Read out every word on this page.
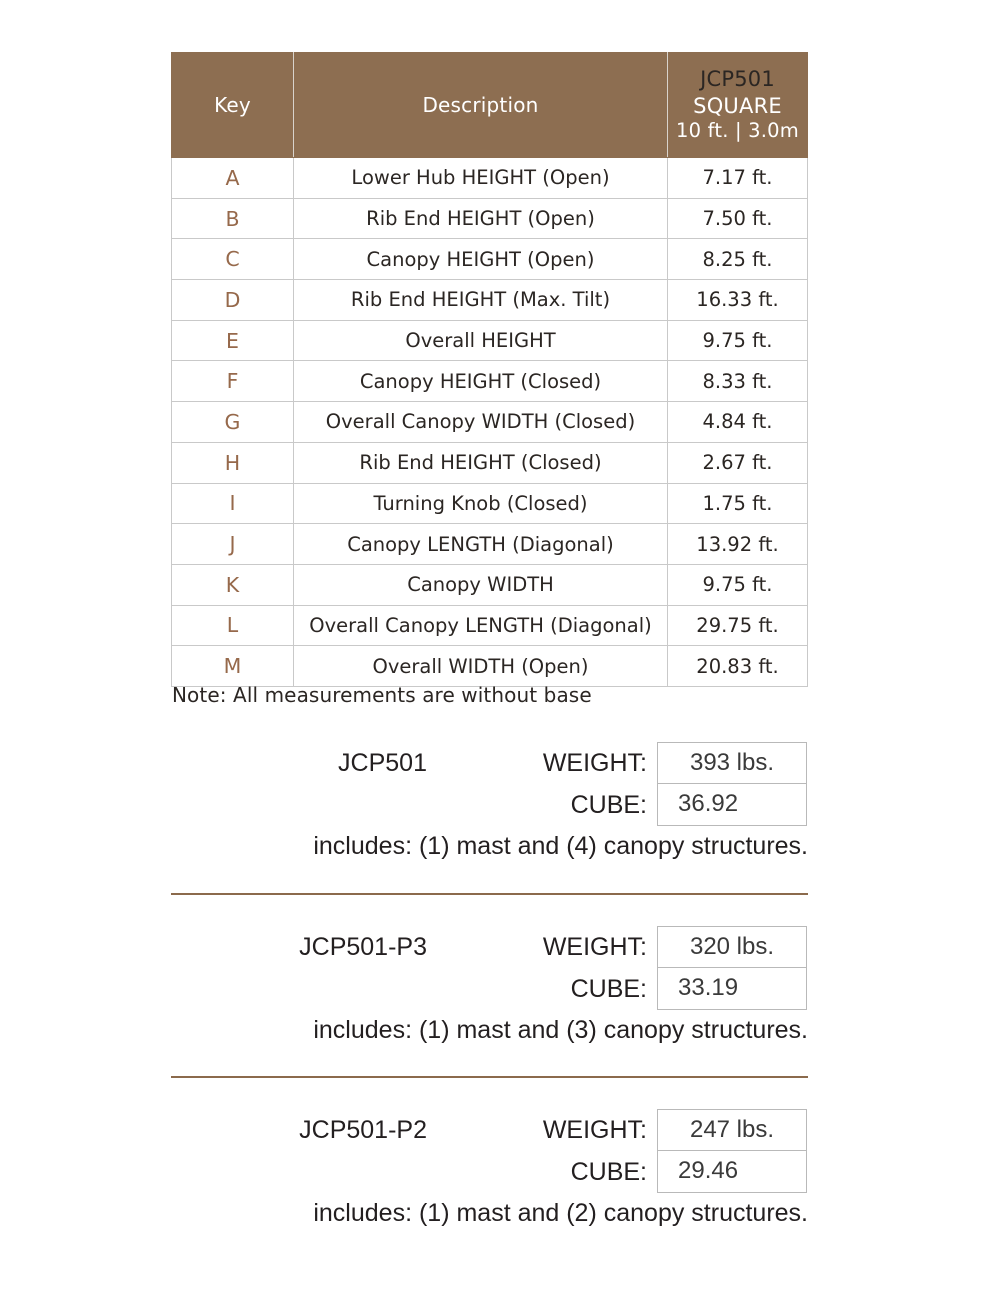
Key	Description	JCP501
SQUARE
10 ft. | 3.0m

A	Lower Hub HEIGHT (Open)	7.17 ft.
B	Rib End HEIGHT (Open)	7.50 ft.
C	Canopy HEIGHT (Open)	8.25 ft.
D	Rib End HEIGHT (Max. Tilt)	16.33 ft.
E	Overall HEIGHT	9.75 ft.
F	Canopy HEIGHT (Closed)	8.33 ft.
G	Overall Canopy WIDTH (Closed)	4.84 ft.
H	Rib End HEIGHT (Closed)	2.67 ft.
I	Turning Knob (Closed)	1.75 ft.
J	Canopy LENGTH (Diagonal)	13.92 ft.
K	Canopy WIDTH	9.75 ft.
L	Overall Canopy LENGTH (Diagonal)	29.75 ft.
M	Overall WIDTH (Open)	20.83 ft.
Note: All measurements are without base
JCP501	WEIGHT:	393 lbs.
CUBE:	36.92
includes: (1) mast and (4) canopy structures.
JCP501-P3	WEIGHT:	320 lbs.
CUBE:	33.19
includes: (1) mast and (3) canopy structures.
JCP501-P2	WEIGHT:	247 lbs.
CUBE:	29.46
includes: (1) mast and (2) canopy structures.
